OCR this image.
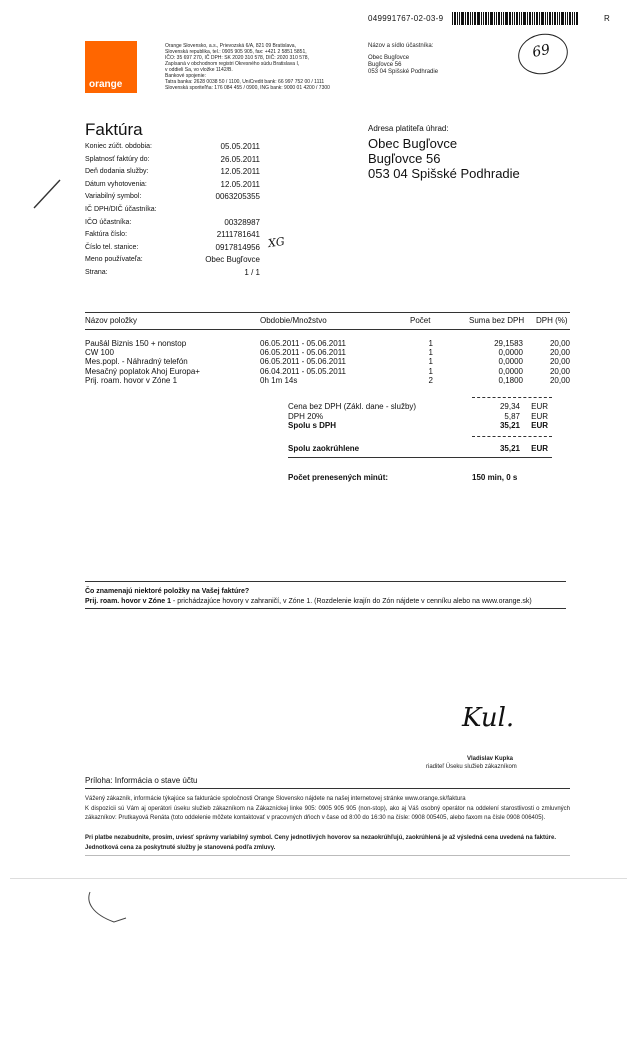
049991767-02-03-9	R
orange
Orange Slovensko, a.s., Prievozská 6/A, 821 09 Bratislava,
Slovenská republika, tel.: 0905 905 905, fax: +421 2 5851 5851,
IČO: 35 697 270, IČ DPH: SK 2020 310 578, DIČ: 2020 310 578,
Zapísaná v obchodnom registri Okresného súdu Bratislava I,
v oddieli Sa, vo vložke 1142/B.
Bankové spojenie:
Tatra banka: 2628 0038 50 / 1100, UniCredit bank: 66 997 752 00 / 1111
Slovenská sporiteľňa: 176 084 455 / 0900, ING bank: 9000 01 4200 / 7300
Názov a sídlo účastníka:
Obec Bugľovce
Bugľovce 56
053 04 Spišské Podhradie
69
Faktúra
Koniec zúčt. obdobia:	05.05.2011
Splatnosť faktúry do:	26.05.2011
Deň dodania služby:	12.05.2011
Dátum vyhotovenia:	12.05.2011
Variabilný symbol:	0063205355
IČ DPH/DIČ účastníka:
IČO účastníka:	00328987
Faktúra číslo:	2111781641
Číslo tel. stanice:	0917814956
Meno používateľa:	Obec Bugľovce
Strana:	1 / 1
XG
Adresa platiteľa úhrad:
Obec Bugľovce
Bugľovce 56
053 04 Spišské Podhradie
Názov položky	Obdobie/Množstvo	Počet	Suma bez DPH DPH (%)
Paušál Biznis 150 + nonstop	06.05.2011 - 05.06.2011	1	29,1583	20,00
CW 100	06.05.2011 - 05.06.2011	1	0,0000	20,00
Mes.popl. - Náhradný telefón	06.05.2011 - 05.06.2011	1	0,0000	20,00
Mesačný poplatok Ahoj Europa+	06.04.2011 - 05.05.2011	1	0,0000	20,00
Prij. roam. hovor v Zóne 1	0h 1m 14s	2	0,1800	20,00
Cena bez DPH (Zákl. dane - služby)	29,34 EUR
DPH 20%	5,87 EUR
Spolu s DPH	35,21 EUR
Spolu zaokrúhlene	35,21 EUR
Počet prenesených minút:	150 min, 0 s
Čo znamenajú niektoré položky na Vašej faktúre?
Prij. roam. hovor v Zóne 1 - prichádzajúce hovory v zahraničí, v Zóne 1. (Rozdelenie krajín do Zón nájdete v cenníku alebo na www.orange.sk)
Kul.
Vladislav Kupka
riaditeľ Úseku služieb zákazníkom
Príloha: Informácia o stave účtu
Vážený zákazník, informácie týkajúce sa fakturácie spoločnosti Orange Slovensko nájdete na našej internetovej stránke www.orange.sk/faktura
K dispozícii sú Vám aj operátori úseku služieb zákazníkom na Zákazníckej linke 905: 0905 905 905 (non-stop), ako aj Váš osobný operátor na oddelení starostlivosti o zmluvných zákazníkov: Prutkayová Renáta (toto oddelenie môžete kontaktovať v pracovných dňoch v čase od 8:00 do 16:30 na čísle: 0908 005405, alebo faxom na čísle 0908 006405).
Pri platbe nezabudnite, prosím, uviesť správny variabilný symbol. Ceny jednotlivých hovorov sa nezaokrúhľujú, zaokrúhlená je až výsledná cena uvedená na faktúre. Jednotková cena za poskytnuté služby je stanovená podľa zmluvy.
